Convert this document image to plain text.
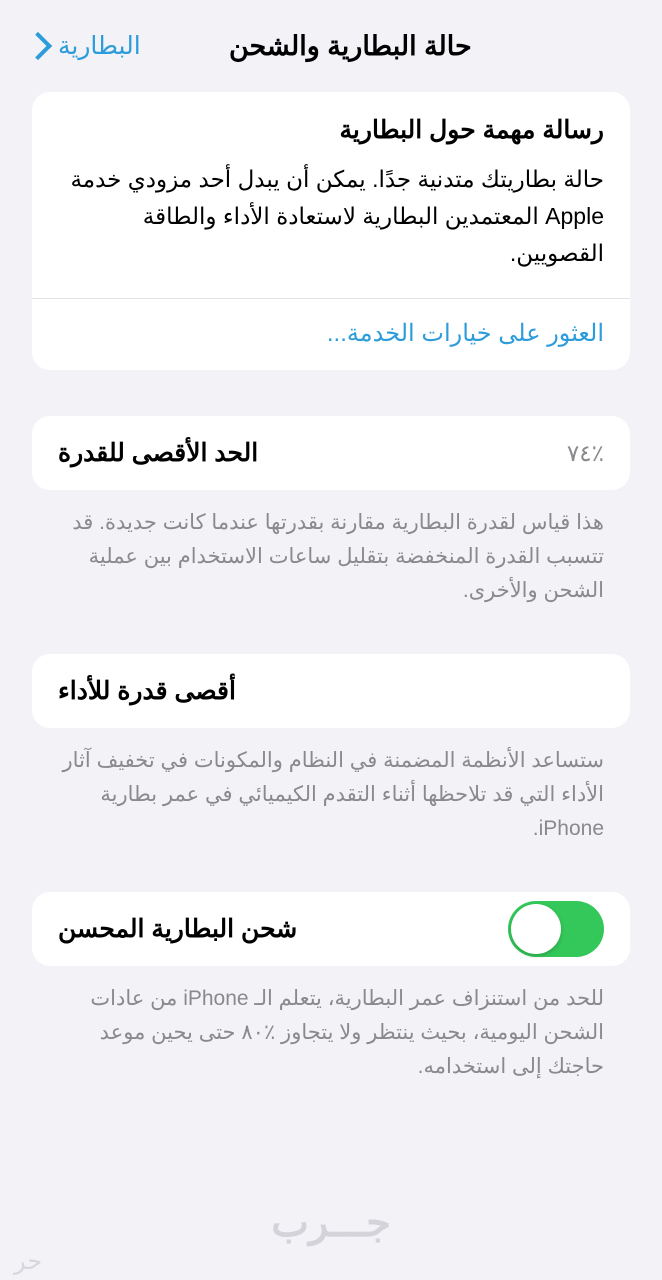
حالة البطارية والشحن
البطارية
رسالة مهمة حول البطارية
حالة بطاريتك متدنية جدًا. يمكن أن يبدل أحد مزودي خدمة Apple المعتمدين البطارية لاستعادة الأداء والطاقة القصويين.
العثور على خيارات الخدمة...
٧٤٪
الحد الأقصى للقدرة
هذا قياس لقدرة البطارية مقارنة بقدرتها عندما كانت جديدة. قد تتسبب القدرة المنخفضة بتقليل ساعات الاستخدام بين عملية الشحن والأخرى.
أقصى قدرة للأداء
ستساعد الأنظمة المضمنة في النظام والمكونات في تخفيف آثار الأداء التي قد تلاحظها أثناء التقدم الكيميائي في عمر بطارية iPhone.
شحن البطارية المحسن
للحد من استنزاف عمر البطارية، يتعلم الـ iPhone من عادات الشحن اليومية، بحيث ينتظر ولا يتجاوز ٪٨٠ حتى يحين موعد حاجتك إلى استخدامه.
جـــرب
حر
